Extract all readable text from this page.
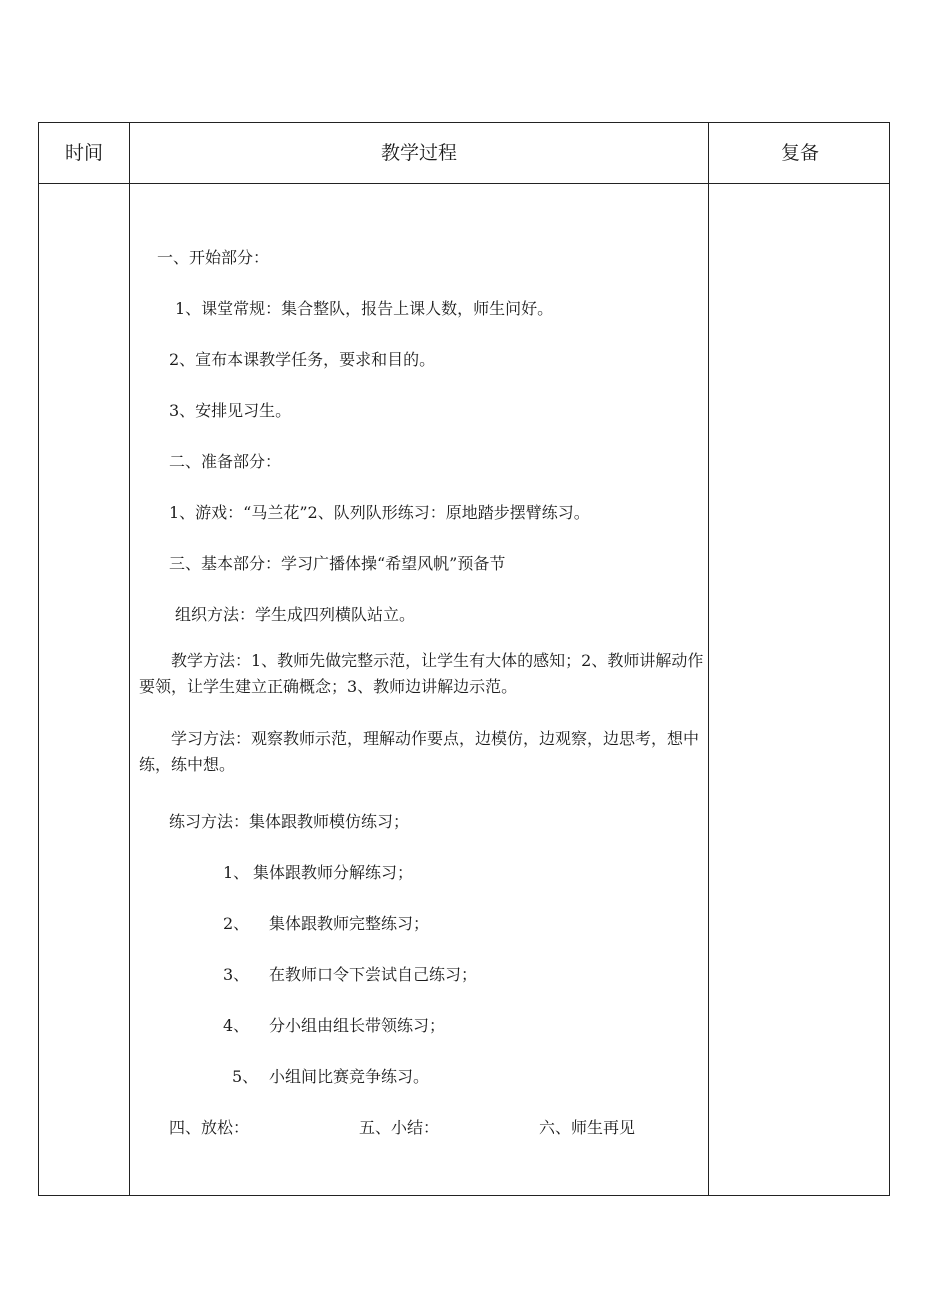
时间	教学过程	复备
一、开始部分：
1、课堂常规：集合整队，报告上课人数，师生问好。
2、宣布本课教学任务，要求和目的。
3、安排见习生。
二、准备部分：
1、游戏：“马兰花”2、队列队形练习：原地踏步摆臂练习。
三、基本部分：学习广播体操“希望风帆”预备节
组织方法：学生成四列横队站立。
教学方法：1、教师先做完整示范，让学生有大体的感知；2、教师讲解动作要领，让学生建立正确概念；3、教师边讲解边示范。
学习方法：观察教师示范，理解动作要点，边模仿，边观察，边思考，想中练，练中想。
练习方法：集体跟教师模仿练习；
1、 集体跟教师分解练习；
2、 集体跟教师完整练习；
3、 在教师口令下尝试自己练习；
4、 分小组由组长带领练习；
5、 小组间比赛竞争练习。
四、放松：	五、小结：	六、师生再见
